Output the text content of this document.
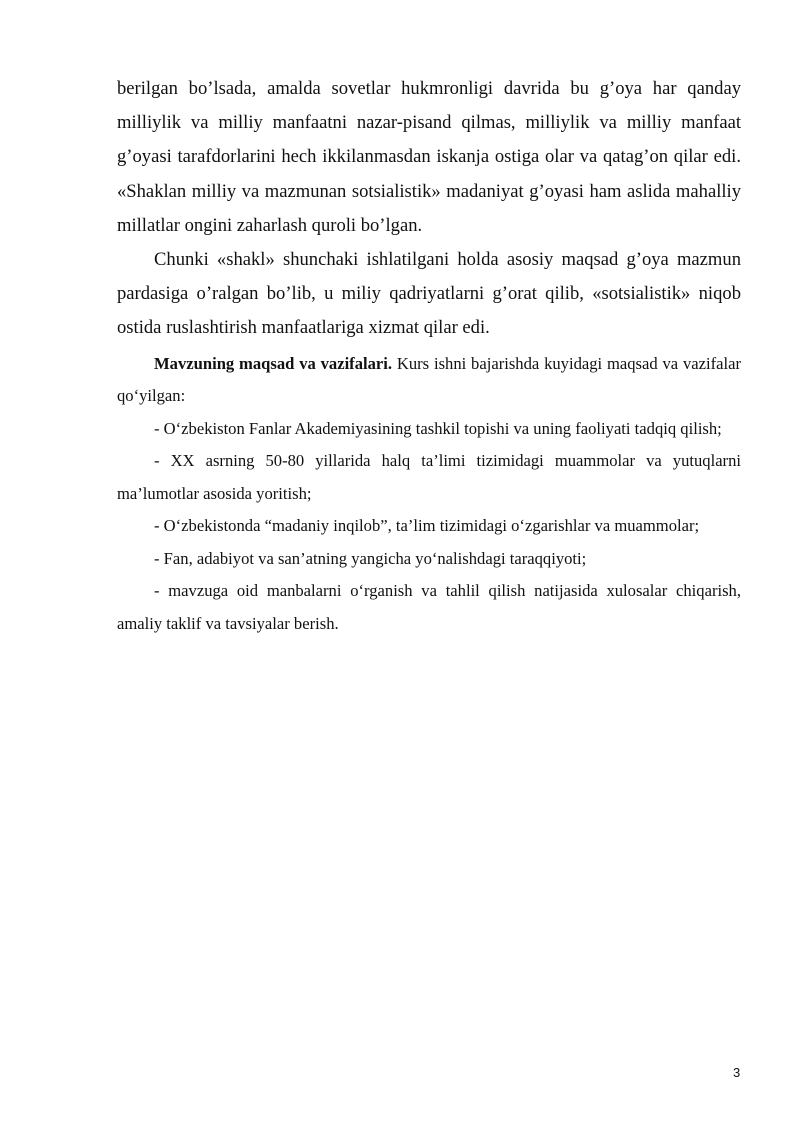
berilgan bo’lsada, amalda sovetlar hukmronligi davrida bu g’oya har qanday milliylik va milliy manfaatni nazar-pisand qilmas, milliylik va milliy manfaat g’oyasi tarafdorlarini hech ikkilanmasdan iskanja ostiga olar va qatag’on qilar edi. «Shaklan milliy va mazmunan sotsialistik» madaniyat g’oyasi ham aslida mahalliy millatlar ongini zaharlash quroli bo’lgan.

Chunki «shakl» shunchaki ishlatilgani holda asosiy maqsad g’oya mazmun pardasiga o’ralgan bo’lib, u miliy qadriyatlarni g’orat qilib, «sotsialistik» niqob ostida ruslashtirish manfaatlariga xizmat qilar edi.

Mavzuning maqsad va vazifalari. Kurs ishni bajarishda kuyidagi maqsad va vazifalar qo‘yilgan:

- O‘zbekiston Fanlar Akademiyasining tashkil topishi va uning faoliyati tadqiq qilish;

- XX asrning 50-80 yillarida halq ta’limi tizimidagi muammolar va yutuqlarni ma’lumotlar asosida yoritish;

- O‘zbekistonda “madaniy inqilob”, ta’lim tizimidagi o‘zgarishlar va muammolar;

- Fan, adabiyot va san’atning yangicha yo‘nalishdagi taraqqiyoti;

- mavzuga oid manbalarni o‘rganish va tahlil qilish natijasida xulosalar chiqarish, amaliy taklif va tavsiyalar berish.

3
